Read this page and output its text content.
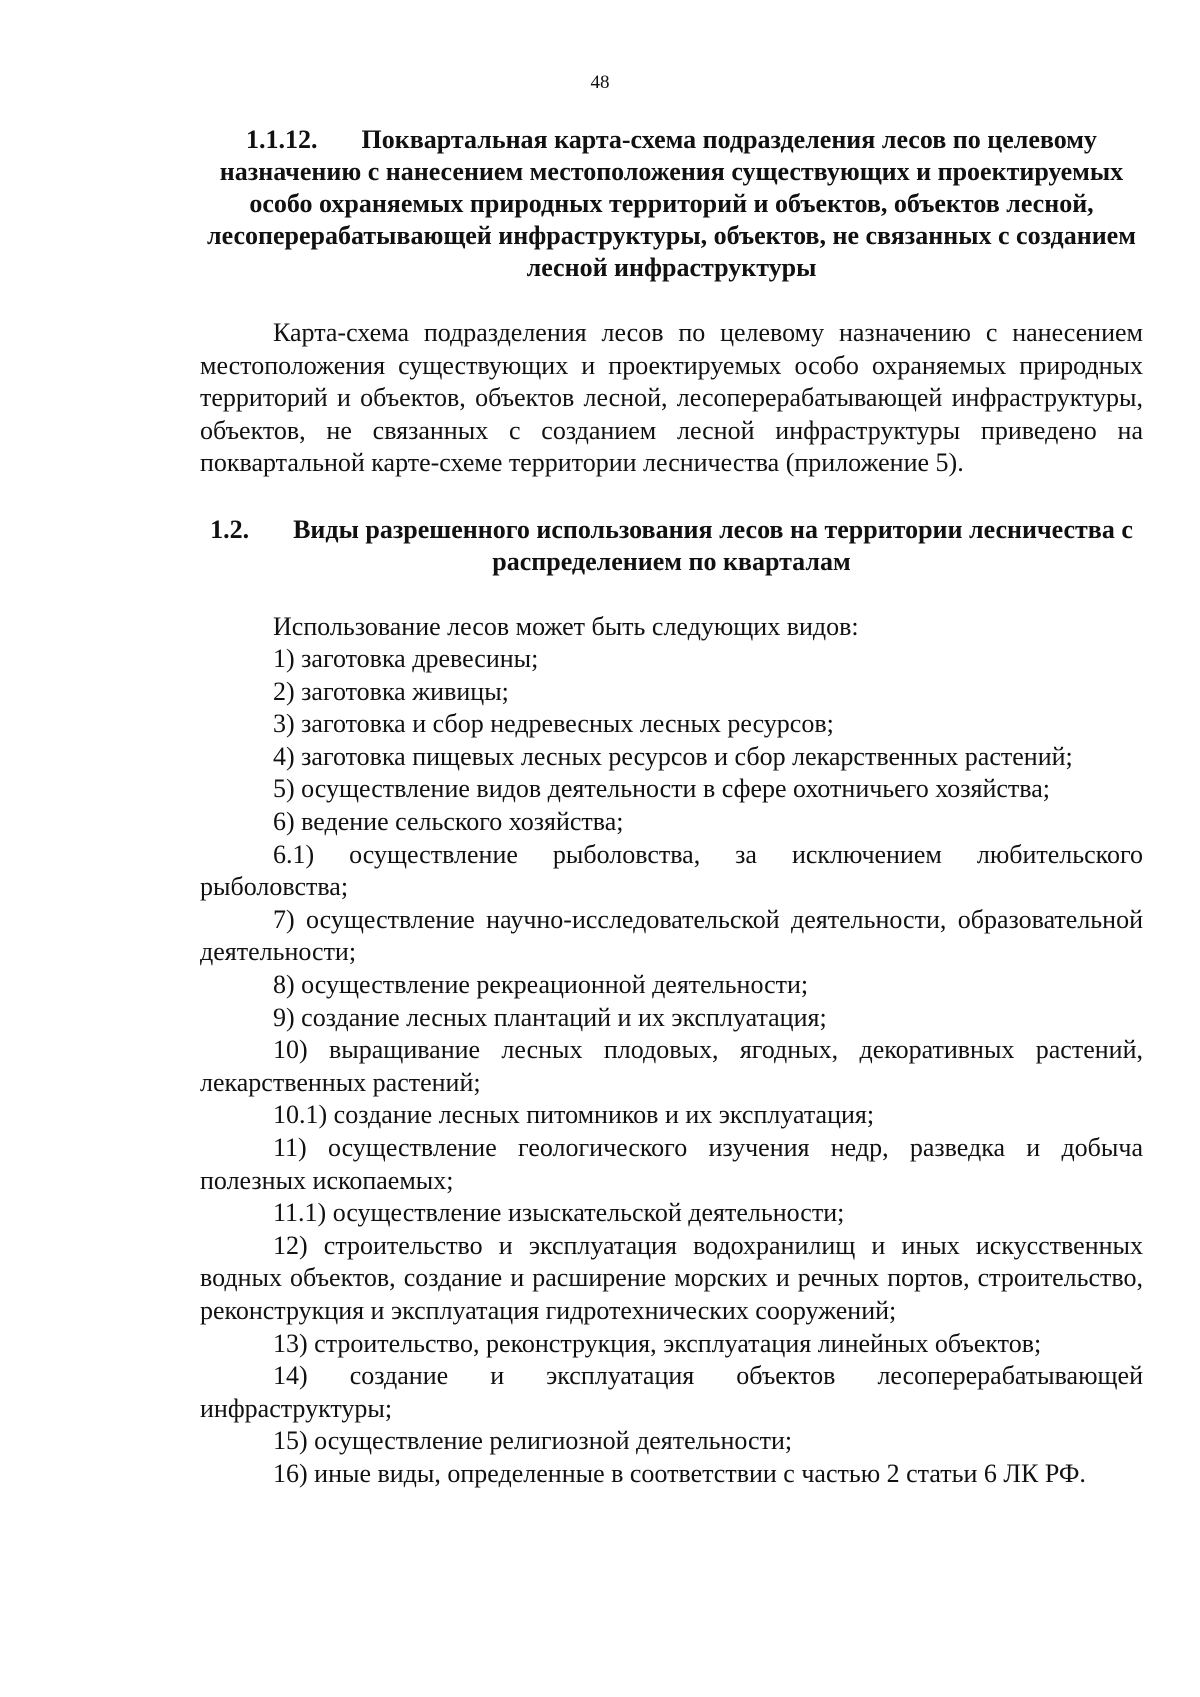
48

1.1.12. Поквартальная карта-схема подразделения лесов по целевому назначению с нанесением местоположения существующих и проектируемых особо охраняемых природных территорий и объектов, объектов лесной, лесоперерабатывающей инфраструктуры, объектов, не связанных с созданием лесной инфраструктуры

Карта-схема подразделения лесов по целевому назначению с нанесением местоположения существующих и проектируемых особо охраняемых природных территорий и объектов, объектов лесной, лесоперерабатывающей инфраструктуры, объектов, не связанных с созданием лесной инфраструктуры приведено на поквартальной карте-схеме территории лесничества (приложение 5).

1.2. Виды разрешенного использования лесов на территории лесничества с распределением по кварталам

Использование лесов может быть следующих видов:

1) заготовка древесины;

2) заготовка живицы;

3) заготовка и сбор недревесных лесных ресурсов;

4) заготовка пищевых лесных ресурсов и сбор лекарственных растений;

5) осуществление видов деятельности в сфере охотничьего хозяйства;

6) ведение сельского хозяйства;

6.1) осуществление рыболовства, за исключением любительского рыболовства;

7) осуществление научно-исследовательской деятельности, образовательной деятельности;

8) осуществление рекреационной деятельности;

9) создание лесных плантаций и их эксплуатация;

10) выращивание лесных плодовых, ягодных, декоративных растений, лекарственных растений;

10.1) создание лесных питомников и их эксплуатация;

11) осуществление геологического изучения недр, разведка и добыча полезных ископаемых;

11.1) осуществление изыскательской деятельности;

12) строительство и эксплуатация водохранилищ и иных искусственных водных объектов, создание и расширение морских и речных портов, строительство, реконструкция и эксплуатация гидротехнических сооружений;

13) строительство, реконструкция, эксплуатация линейных объектов;

14) создание и эксплуатация объектов лесоперерабатывающей инфраструктуры;

15) осуществление религиозной деятельности;

16) иные виды, определенные в соответствии с частью 2 статьи 6 ЛК РФ.
